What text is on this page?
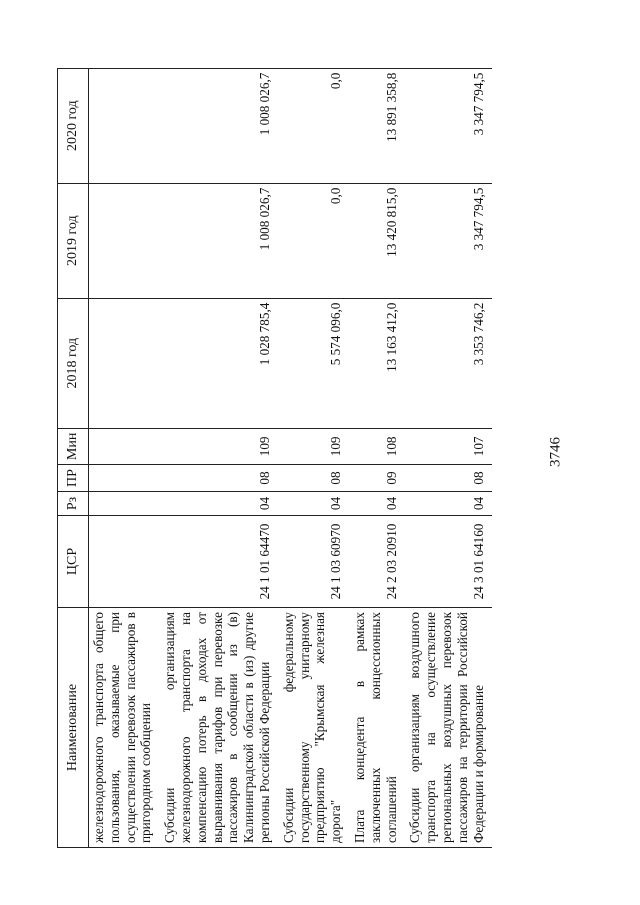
3746
Наименование	ЦСР	Рз	ПР	Мин	2018 год	2019 год	2020 год
железнодорожного транспорта общего пользования, оказываемые при осуществлении перевозок пассажиров в пригородном сообщении							
Субсидии организациям железнодорожного транспорта на компенсацию потерь в доходах от выравнивания тарифов при перевозке пассажиров в сообщении из (в) Калининградской области в (из) другие регионы Российской Федерации	24 1 01 64470	04	08	109	1 028 785,4	1 008 026,7	1 008 026,7
Субсидии федеральному государственному унитарному предприятию "Крымская железная дорога"	24 1 03 60970	04	08	109	5 574 096,0	0,0	0,0
Плата концедента в рамках заключенных концессионных соглашений	24 2 03 20910	04	09	108	13 163 412,0	13 420 815,0	13 891 358,8
Субсидии организациям воздушного транспорта на осуществление региональных воздушных перевозок пассажиров на территории Российской Федерации и формирование	24 3 01 64160	04	08	107	3 353 746,2	3 347 794,5	3 347 794,5
